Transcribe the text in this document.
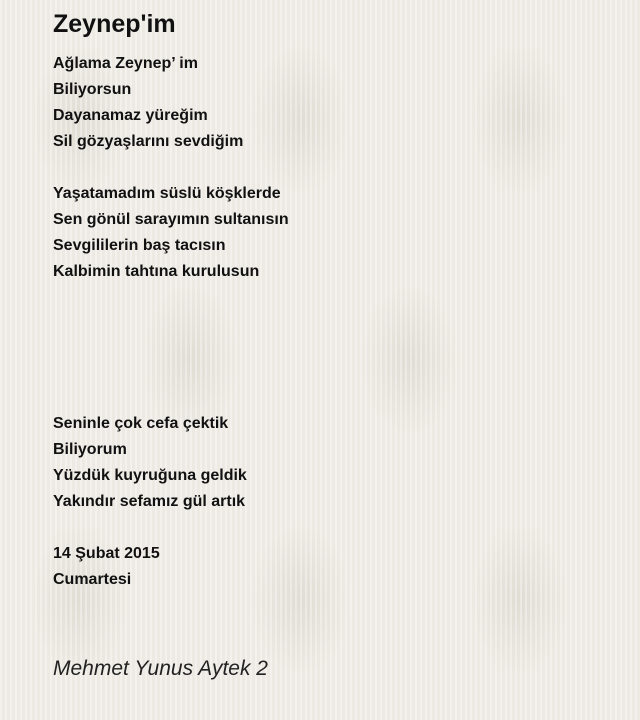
Zeynep'im
Ağlama Zeynep’ im
Biliyorsun
Dayanamaz yüreğim
Sil gözyaşlarını sevdiğim
Yaşatamadım süslü köşklerde
Sen gönül sarayımın sultanısın
Sevgililerin baş tacısın
Kalbimin tahtına kurulusun
Seninle çok cefa çektik
Biliyorum
Yüzdük kuyruğuna geldik
Yakındır sefamız gül artık
14 Şubat 2015
Cumartesi

Mehmet Yunus Aytek 2
